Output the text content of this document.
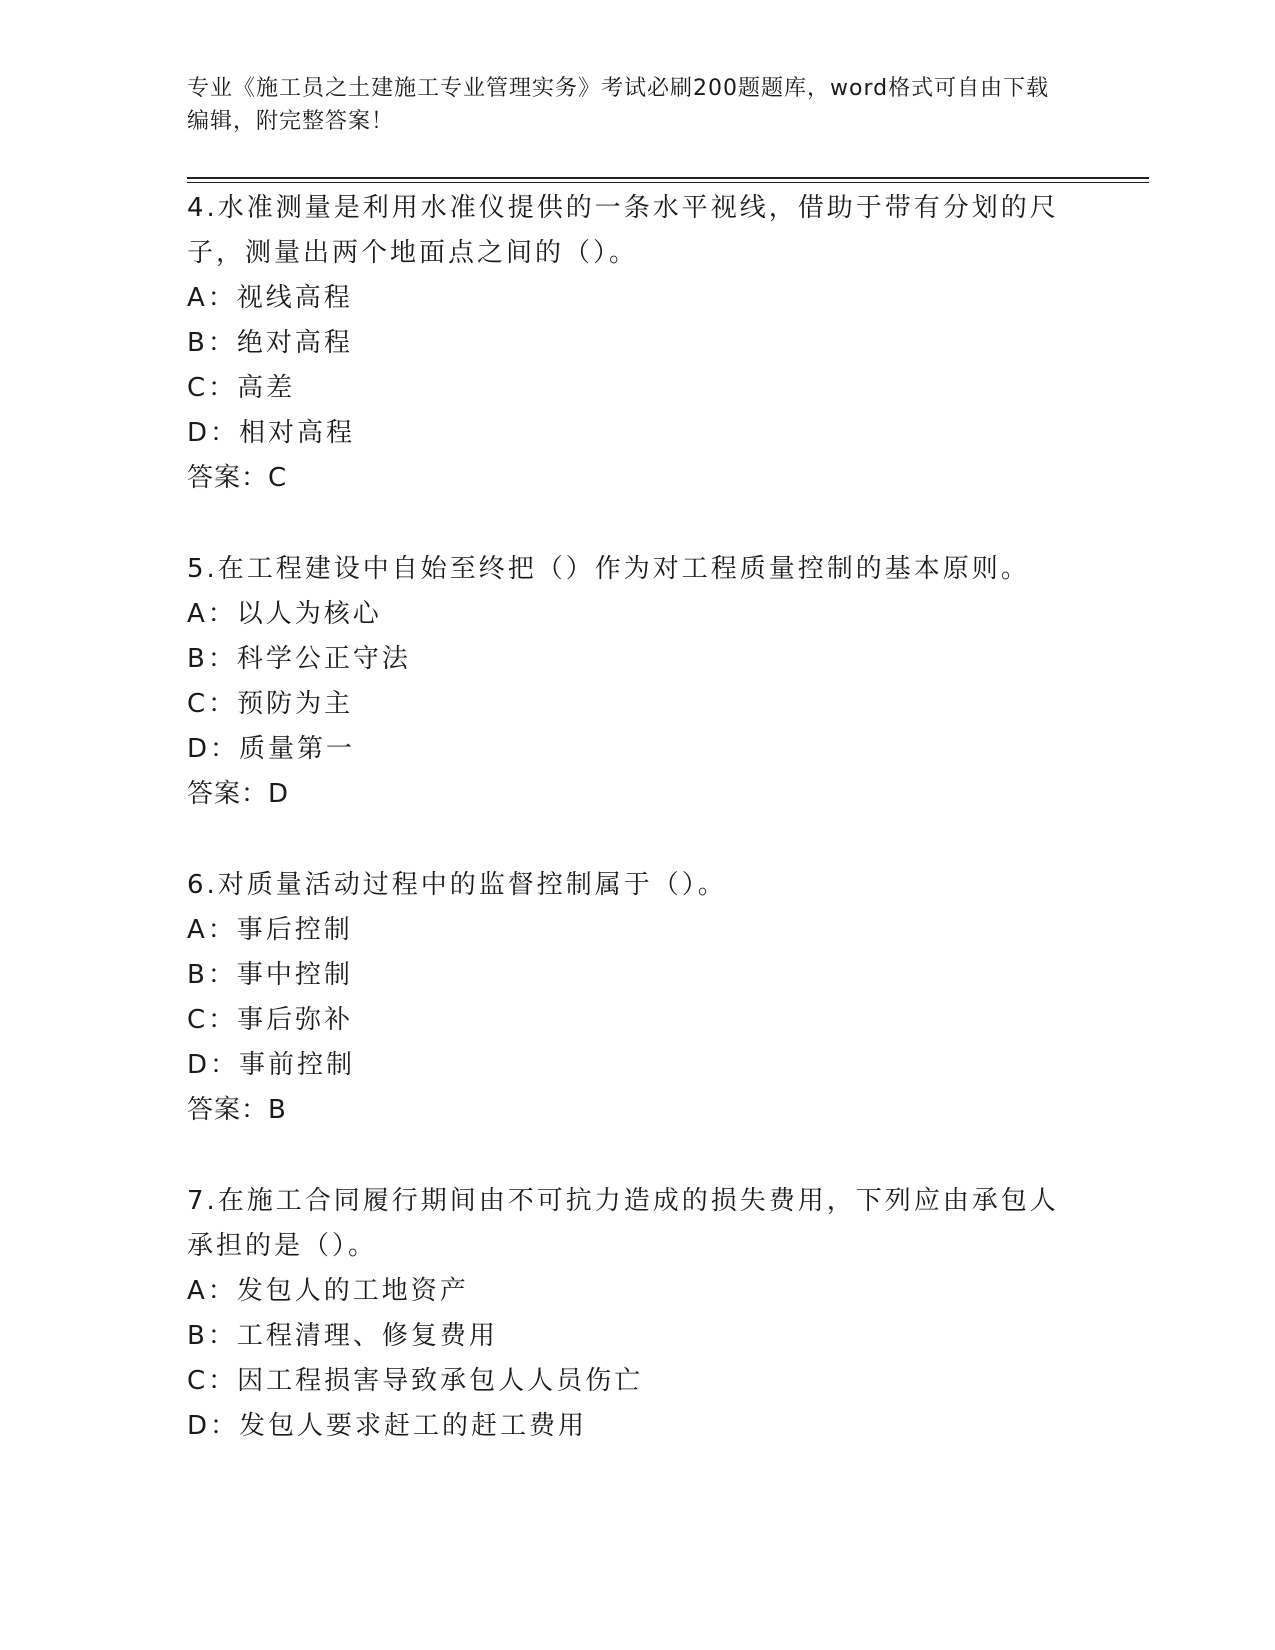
专业《施工员之土建施工专业管理实务》考试必刷200题题库，word格式可自由下载编辑，附完整答案！
4.水准测量是利用水准仪提供的一条水平视线，借助于带有分划的尺子，测量出两个地面点之间的（）。
A：视线高程
B：绝对高程
C：高差
D：相对高程
答案：C
5.在工程建设中自始至终把（）作为对工程质量控制的基本原则。
A：以人为核心
B：科学公正守法
C：预防为主
D：质量第一
答案：D
6.对质量活动过程中的监督控制属于（）。
A：事后控制
B：事中控制
C：事后弥补
D：事前控制
答案：B
7.在施工合同履行期间由不可抗力造成的损失费用，下列应由承包人承担的是（）。
A：发包人的工地资产
B：工程清理、修复费用
C：因工程损害导致承包人人员伤亡
D：发包人要求赶工的赶工费用
